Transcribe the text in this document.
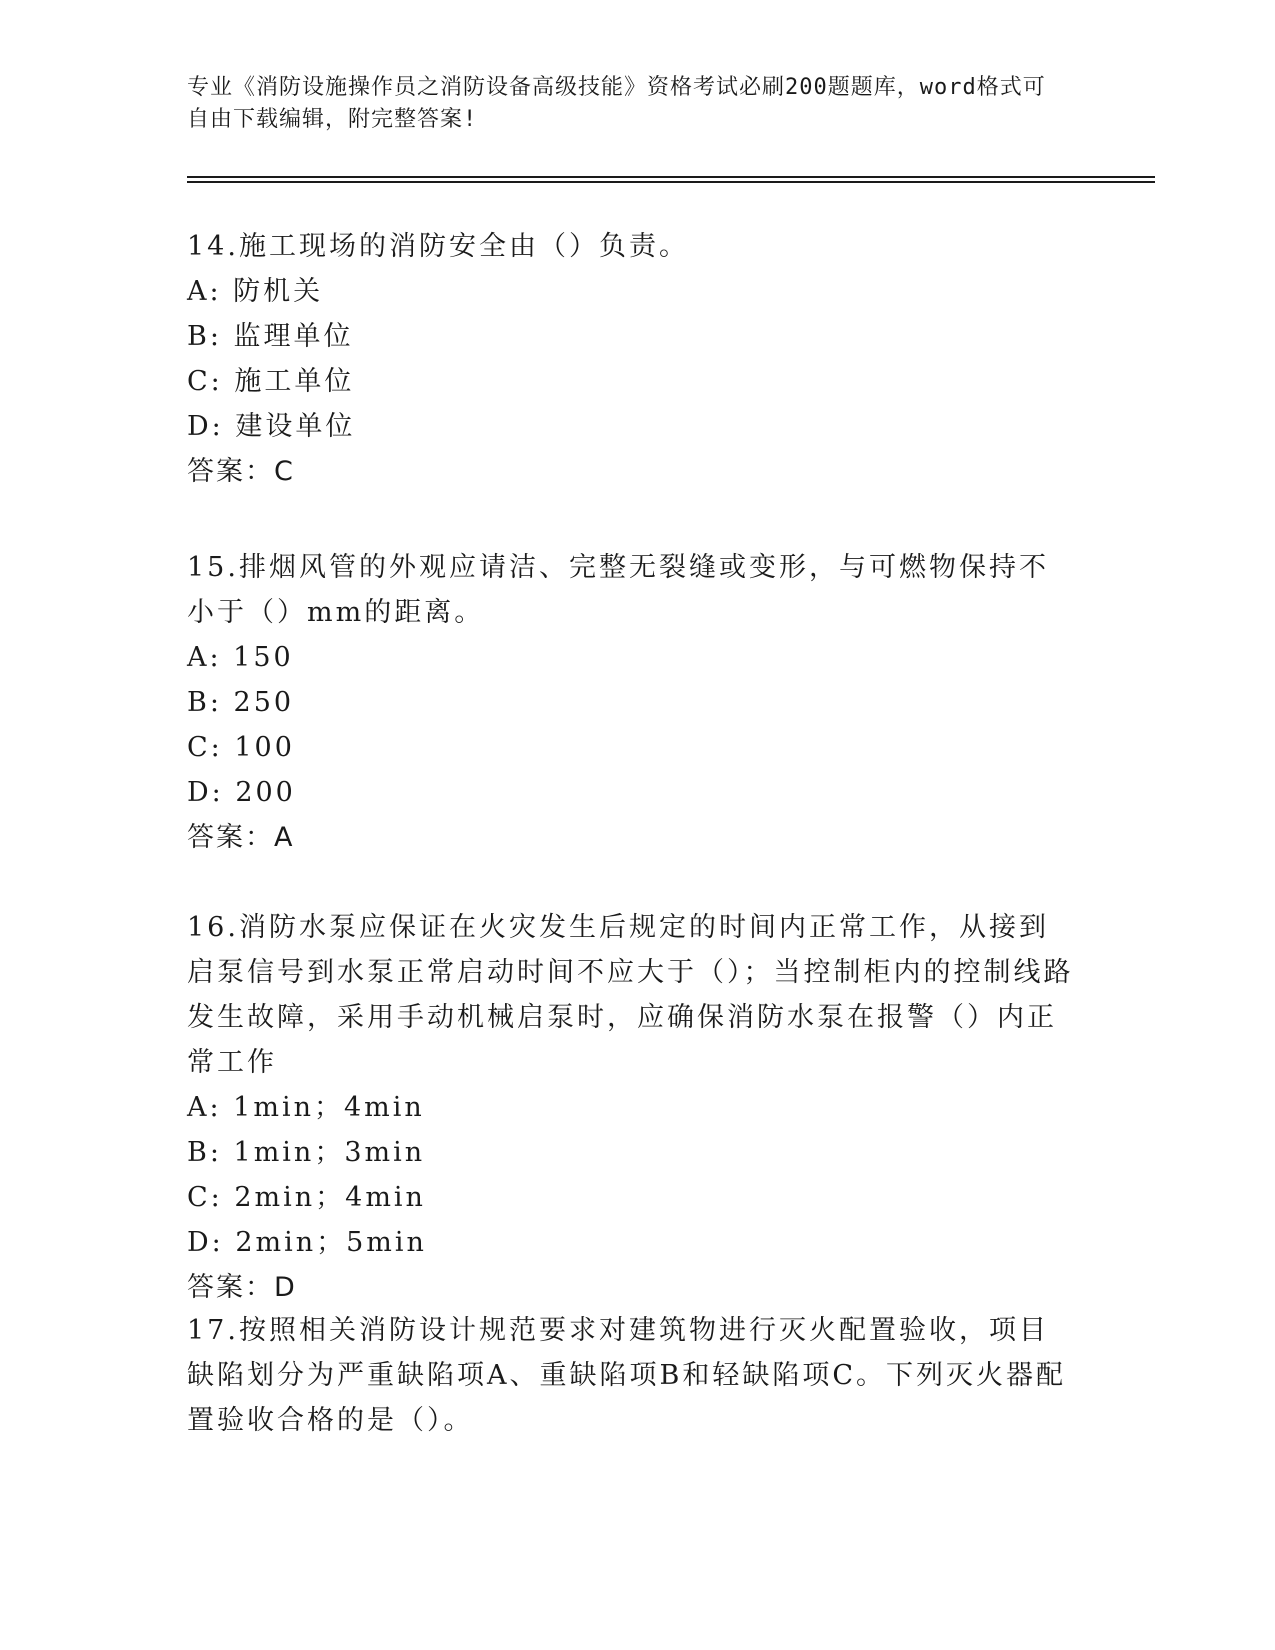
专业《消防设施操作员之消防设备高级技能》资格考试必刷200题题库，word格式可自由下载编辑，附完整答案!

14.施工现场的消防安全由（）负责。

A: 防机关

B: 监理单位

C: 施工单位

D: 建设单位

答案：C

15.排烟风管的外观应请洁、完整无裂缝或变形，与可燃物保持不小于（）mm的距离。

A: 150

B: 250

C: 100

D: 200

答案：A

16.消防水泵应保证在火灾发生后规定的时间内正常工作，从接到启泵信号到水泵正常启动时间不应大于（）；当控制柜内的控制线路发生故障，采用手动机械启泵时，应确保消防水泵在报警（）内正常工作

A: 1min；4min

B: 1min；3min

C: 2min；4min

D: 2min；5min

答案：D

17.按照相关消防设计规范要求对建筑物进行灭火配置验收，项目缺陷划分为严重缺陷项A、重缺陷项B和轻缺陷项C。下列灭火器配置验收合格的是（）。
